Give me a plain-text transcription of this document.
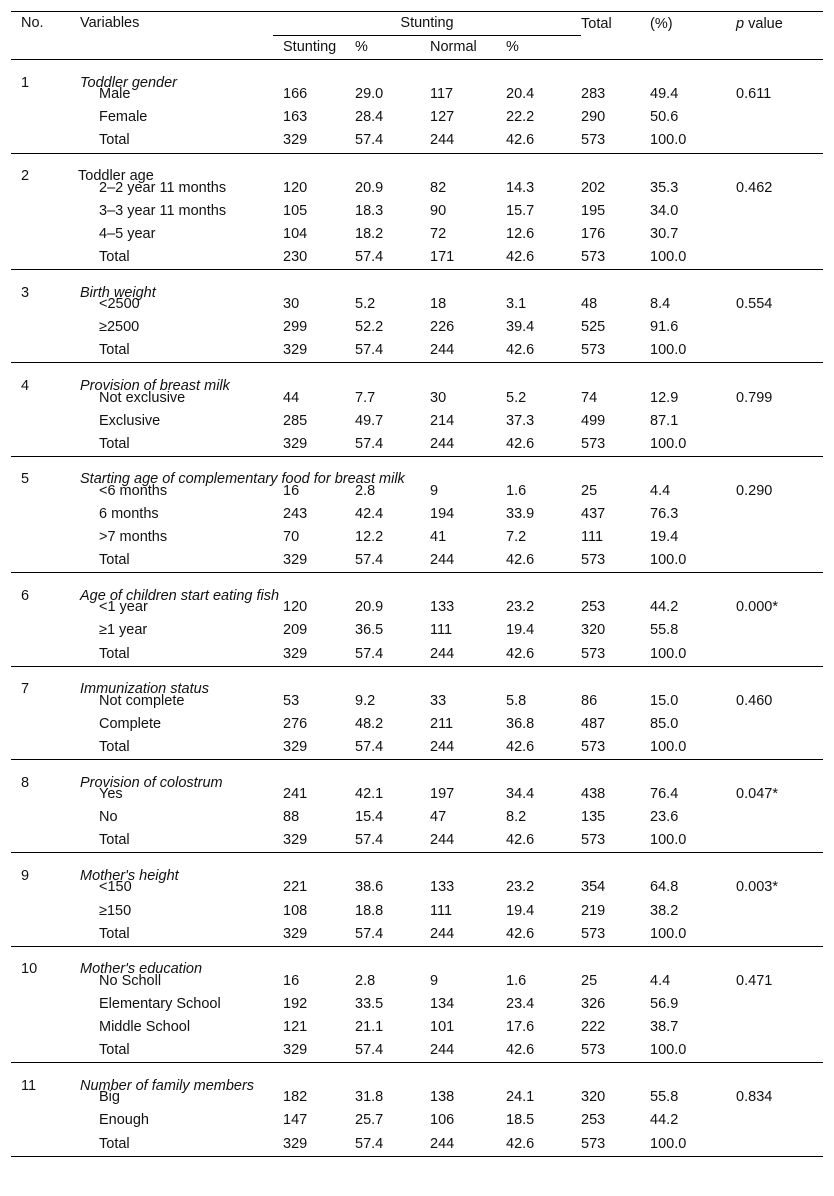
No. Variables	Stunting				Total	(%)	p value
	Stunting	%	Normal	%			

1 Toddler gender							

Male	166	29.0	117	20.4	283	49.4	0.611
Female	163	28.4	127	22.2	290	50.6	
Total	329	57.4	244	42.6	573	100.0	

2 Toddler age							

2–2 year 11 months	120	20.9	82	14.3	202	35.3	0.462
3–3 year 11 months	105	18.3	90	15.7	195	34.0	
4–5 year	104	18.2	72	12.6	176	30.7	
Total	230	57.4	171	42.6	573	100.0	

3 Birth weight							

<2500	30	5.2	18	3.1	48	8.4	0.554
≥2500	299	52.2	226	39.4	525	91.6	
Total	329	57.4	244	42.6	573	100.0	

4 Provision of breast milk							

Not exclusive	44	7.7	30	5.2	74	12.9	0.799
Exclusive	285	49.7	214	37.3	499	87.1	
Total	329	57.4	244	42.6	573	100.0	

5 Starting age of complementary food for breast milk							

<6 months	16	2.8	9	1.6	25	4.4	0.290
6 months	243	42.4	194	33.9	437	76.3	
>7 months	70	12.2	41	7.2	111	19.4	
Total	329	57.4	244	42.6	573	100.0	

6 Age of children start eating fish							

<1 year	120	20.9	133	23.2	253	44.2	0.000*
≥1 year	209	36.5	111	19.4	320	55.8	
Total	329	57.4	244	42.6	573	100.0	

7 Immunization status							

Not complete	53	9.2	33	5.8	86	15.0	0.460
Complete	276	48.2	211	36.8	487	85.0	
Total	329	57.4	244	42.6	573	100.0	

8 Provision of colostrum							

Yes	241	42.1	197	34.4	438	76.4	0.047*
No	88	15.4	47	8.2	135	23.6	
Total	329	57.4	244	42.6	573	100.0	

9 Mother's height							

<150	221	38.6	133	23.2	354	64.8	0.003*
≥150	108	18.8	111	19.4	219	38.2	
Total	329	57.4	244	42.6	573	100.0	

10 Mother's education							

No Scholl	16	2.8	9	1.6	25	4.4	0.471
Elementary School	192	33.5	134	23.4	326	56.9	
Middle School	121	21.1	101	17.6	222	38.7	
Total	329	57.4	244	42.6	573	100.0	

11 Number of family members							

Big	182	31.8	138	24.1	320	55.8	0.834
Enough	147	25.7	106	18.5	253	44.2	
Total	329	57.4	244	42.6	573	100.0	
